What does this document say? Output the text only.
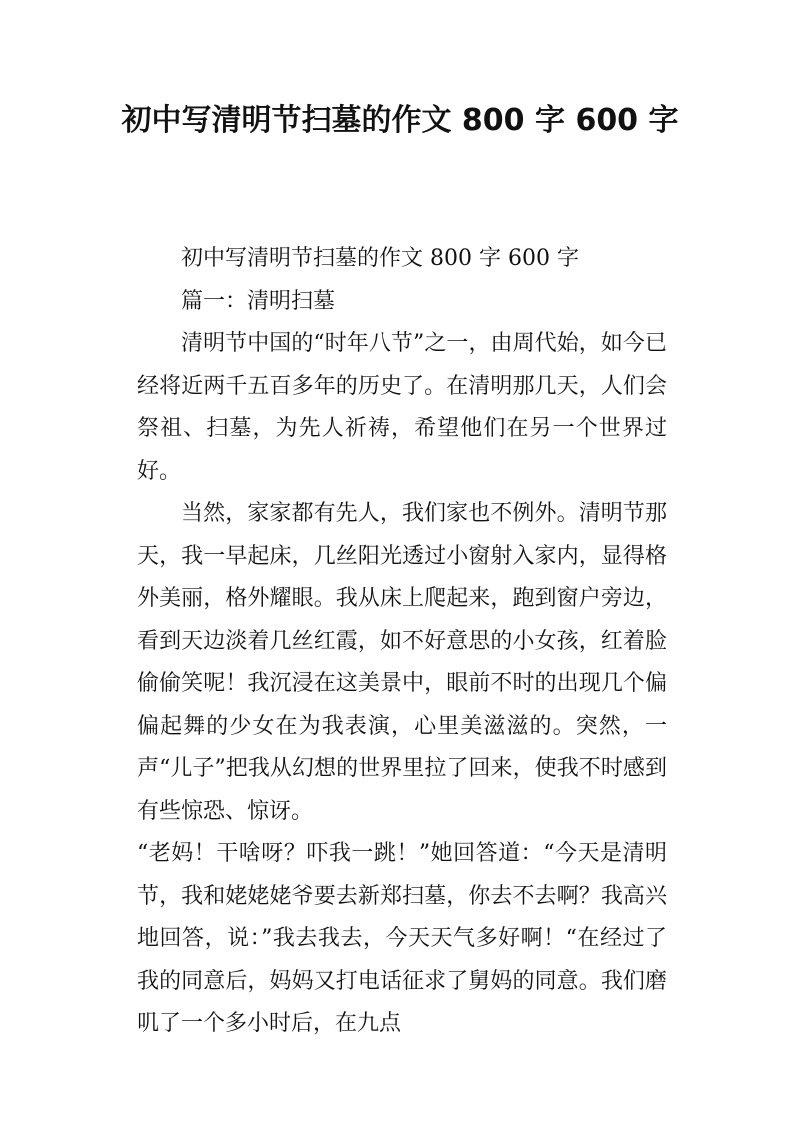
初中写清明节扫墓的作文 800 字 600 字

初中写清明节扫墓的作文 800 字 600 字

篇一：清明扫墓

清明节中国的“时年八节”之一，由周代始，如今已经将近两千五百多年的历史了。在清明那几天，人们会祭祖、扫墓，为先人祈祷，希望他们在另一个世界过好。

当然，家家都有先人，我们家也不例外。清明节那天，我一早起床，几丝阳光透过小窗射入家内，显得格外美丽，格外耀眼。我从床上爬起来，跑到窗户旁边，看到天边淡着几丝红霞，如不好意思的小女孩，红着脸偷偷笑呢！我沉浸在这美景中，眼前不时的出现几个偏偏起舞的少女在为我表演，心里美滋滋的。突然，一声“儿子”把我从幻想的世界里拉了回来，使我不时感到有些惊恐、惊讶。

“老妈！干啥呀？吓我一跳！”她回答道：“今天是清明节，我和姥姥姥爷要去新郑扫墓，你去不去啊？我高兴地回答，说：”我去我去，今天天气多好啊！“在经过了我的同意后，妈妈又打电话征求了舅妈的同意。我们磨叽了一个多小时后，在九点
